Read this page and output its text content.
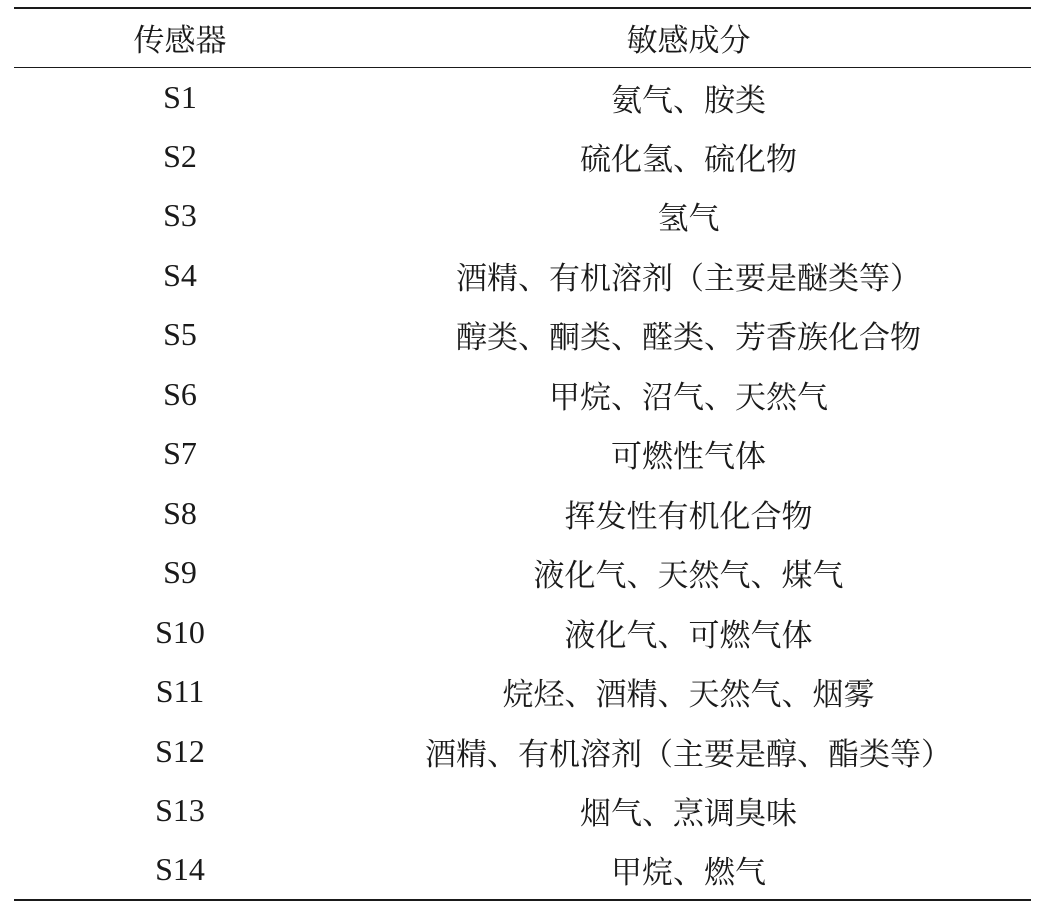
传感器	敏感成分
S1	氨气、胺类
S2	硫化氢、硫化物
S3	氢气
S4	酒精、有机溶剂（主要是醚类等）
S5	醇类、酮类、醛类、芳香族化合物
S6	甲烷、沼气、天然气
S7	可燃性气体
S8	挥发性有机化合物
S9	液化气、天然气、煤气
S10	液化气、可燃气体
S11	烷烃、酒精、天然气、烟雾
S12	酒精、有机溶剂（主要是醇、酯类等）
S13	烟气、烹调臭味
S14	甲烷、燃气
